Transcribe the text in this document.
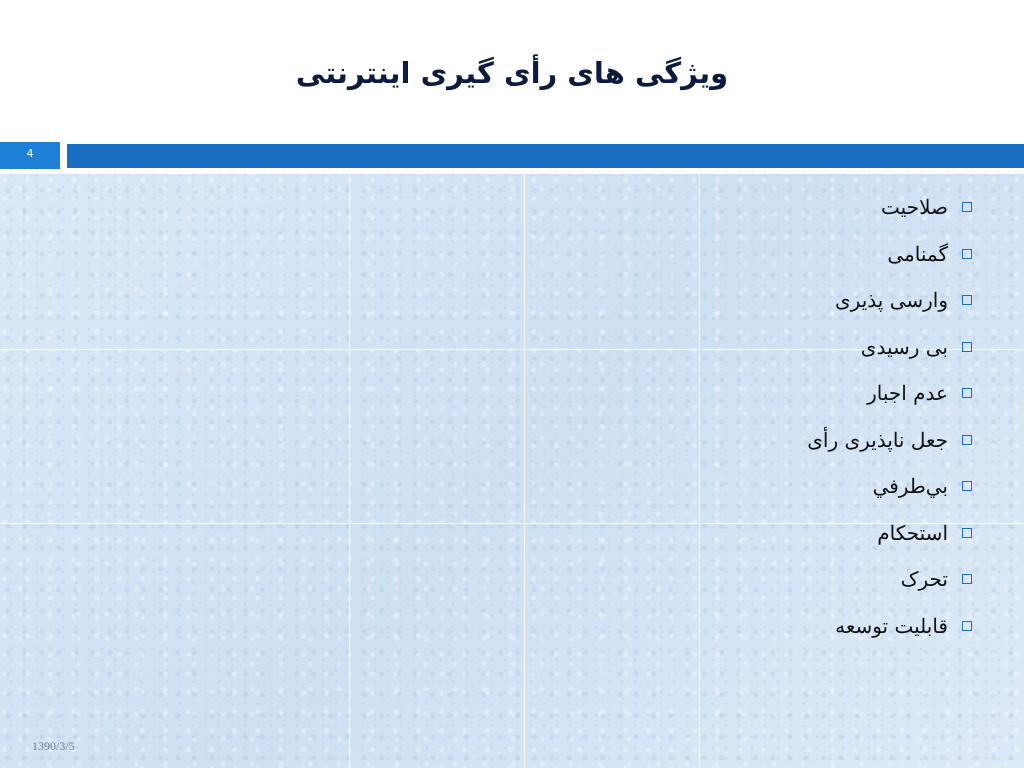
ویژگی های رأی گیری اینترنتی
4
صلاحیت
گمنامی
وارسی پذیری
بی رسیدی
عدم اجبار
جعل ناپذیری رأی
بي‌طرفي
استحکام
تحرک
قابلیت توسعه
1390/3/5
